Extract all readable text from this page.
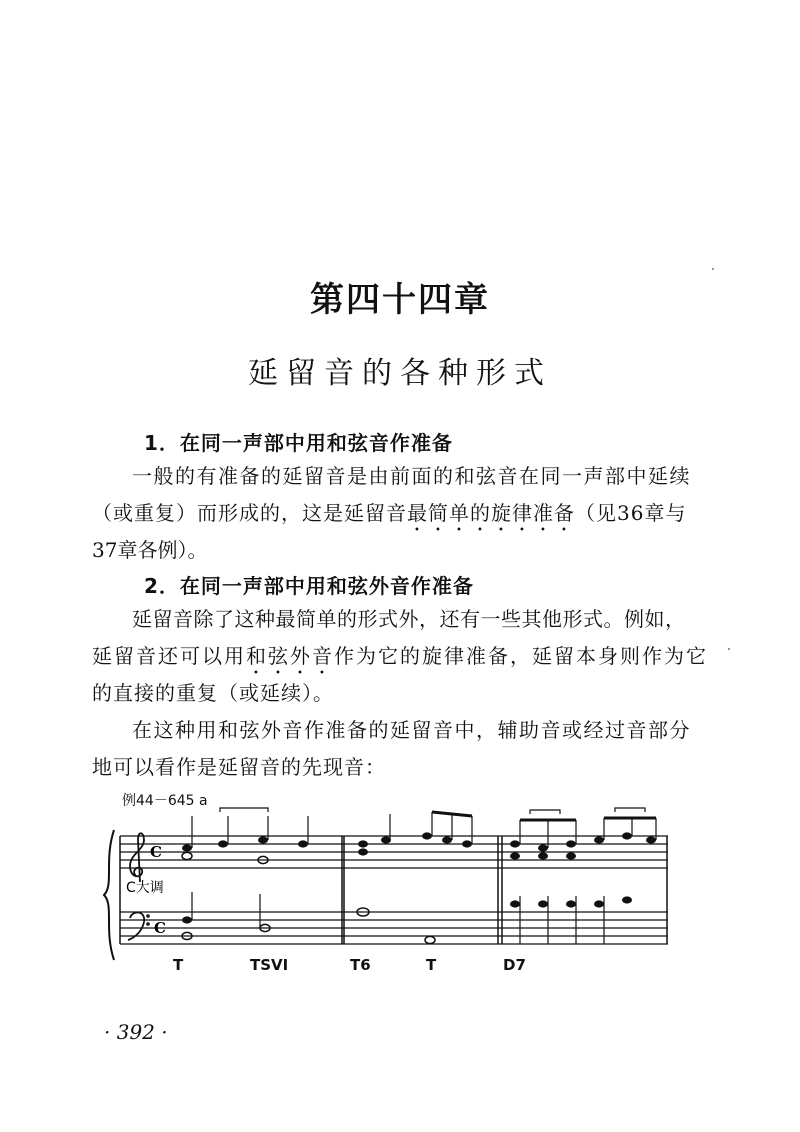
第四十四章
延留音的各种形式
1．在同一声部中用和弦音作准备
一般的有准备的延留音是由前面的和弦音在同一声部中延续
（或重复）而形成的，这是延留音最简单的旋律准备（见36章与
37章各例）。
2．在同一声部中用和弦外音作准备
延留音除了这种最简单的形式外，还有一些其他形式。例如，
延留音还可以用和弦外音作为它的旋律准备，延留本身则作为它
的直接的重复（或延续）。
在这种用和弦外音作准备的延留音中，辅助音或经过音部分
地可以看作是延留音的先现音：
例44－645 a
C
C
C大调
T	TSVI	T6	T	D7
· 392 ·
